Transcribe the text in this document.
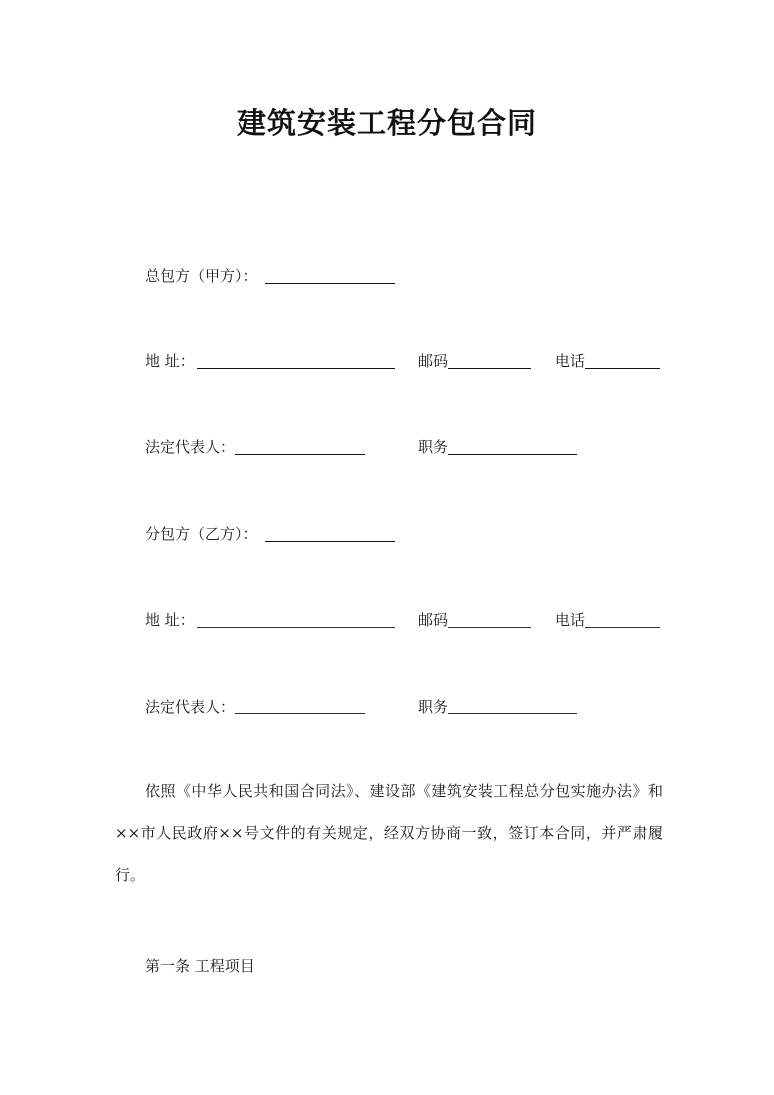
建筑安装工程分包合同
总包方（甲方）：
地 址：	邮码	电话
法定代表人：	职务
分包方（乙方）：
地 址：	邮码	电话
法定代表人：	职务
依照《中华人民共和国合同法》、建设部《建筑安装工程总分包实施办法》和××市人民政府××号文件的有关规定，经双方协商一致，签订本合同，并严肃履行。
第一条 工程项目
